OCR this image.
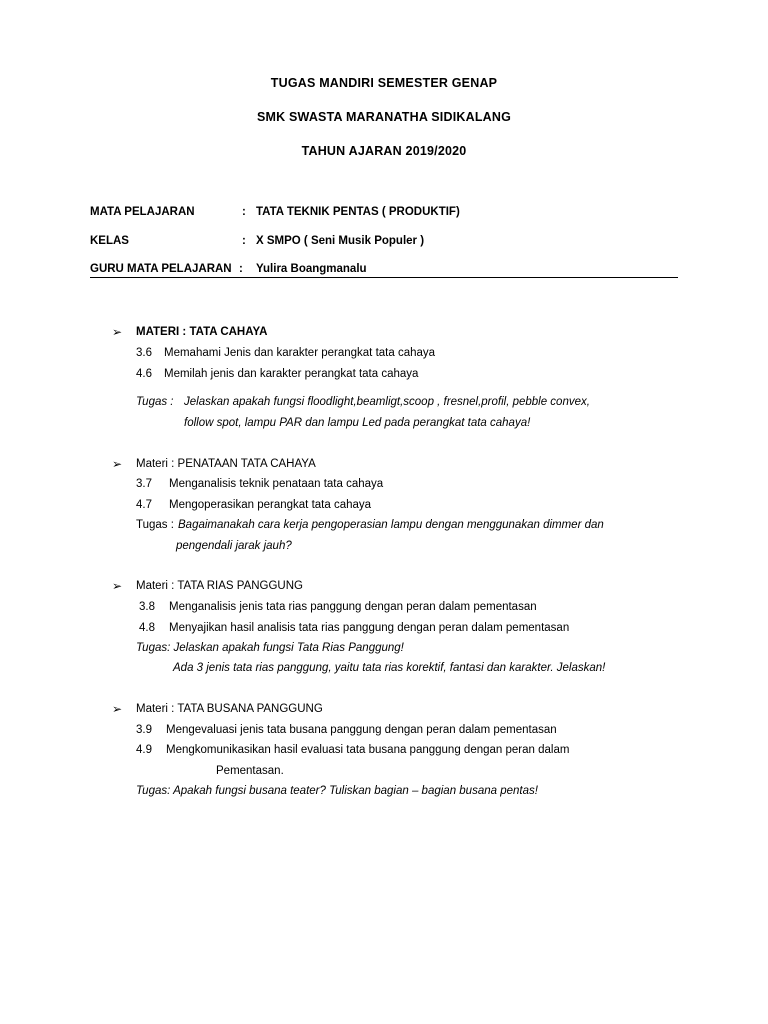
TUGAS MANDIRI SEMESTER GENAP
SMK SWASTA MARANATHA SIDIKALANG
TAHUN AJARAN 2019/2020
MATA PELAJARAN	: TATA TEKNIK PENTAS ( PRODUKTIF)
KELAS	: X SMPO ( Seni Musik Populer )
GURU MATA PELAJARAN : Yulira Boangmanalu
➢ MATERI : TATA CAHAYA
3.6 Memahami Jenis dan karakter perangkat tata cahaya
4.6 Memilah jenis dan karakter perangkat tata cahaya
Tugas : Jelaskan apakah fungsi floodlight,beamligt,scoop , fresnel,profil, pebble convex,
follow spot, lampu PAR dan lampu Led pada perangkat tata cahaya!
➢ Materi : PENATAAN TATA CAHAYA
3.7 Menganalisis teknik penataan tata cahaya
4.7 Mengoperasikan perangkat tata cahaya
Tugas : Bagaimanakah cara kerja pengoperasian lampu dengan menggunakan dimmer dan
pengendali jarak jauh?
➢ Materi : TATA RIAS PANGGUNG
3.8 Menganalisis jenis tata rias panggung dengan peran dalam pementasan
4.8 Menyajikan hasil analisis tata rias panggung dengan peran dalam pementasan
Tugas: Jelaskan apakah fungsi Tata Rias Panggung!
Ada 3 jenis tata rias panggung, yaitu tata rias korektif, fantasi dan karakter. Jelaskan!
➢ Materi : TATA BUSANA PANGGUNG
3.9 Mengevaluasi jenis tata busana panggung dengan peran dalam pementasan
4.9 Mengkomunikasikan hasil evaluasi tata busana panggung dengan peran dalam
Pementasan.
Tugas: Apakah fungsi busana teater? Tuliskan bagian – bagian busana pentas!
